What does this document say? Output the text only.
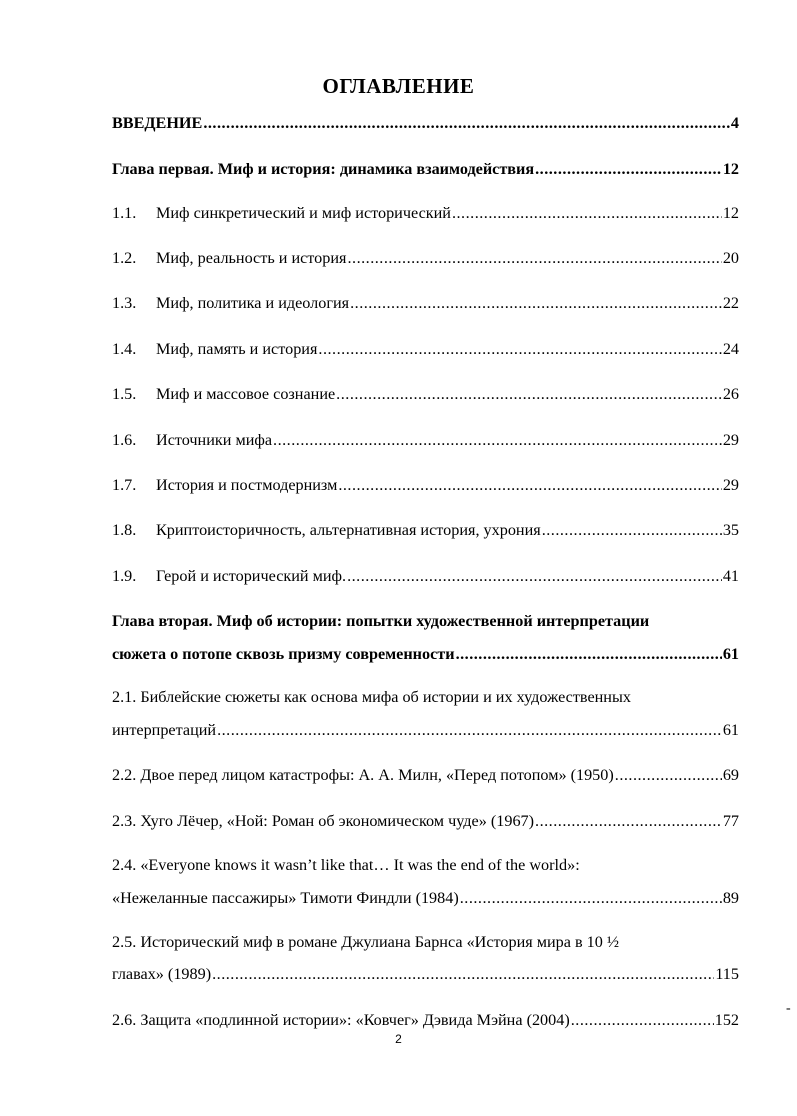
ОГЛАВЛЕНИЕ
ВВЕДЕНИЕ .....	4
Глава первая. Миф и история: динамика взаимодействия .....	12
1.1. Миф синкретический и миф исторический .....	12
1.2. Миф, реальность и история .....	20
1.3. Миф, политика и идеология .....	22
1.4. Миф, память и история .....	24
1.5. Миф и массовое сознание .....	26
1.6. Источники мифа .....	29
1.7. История и постмодернизм .....	29
1.8. Криптоисторичность, альтернативная история, ухрония .....	35
1.9. Герой и исторический миф. .....	41
Глава вторая. Миф об истории: попытки художественной интерпретации
сюжета о потопе сквозь призму современности .....	61
2.1. Библейские сюжеты как основа мифа об истории и их художественных
интерпретаций .....	61
2.2. Двое перед лицом катастрофы: А. А. Милн, «Перед потопом» (1950) .....	69
2.3. Хуго Лёчер, «Ной: Роман об экономическом чуде» (1967) .....	77
2.4. «Everyone knows it wasn’t like that… It was the end of the world»:
«Нежеланные пассажиры» Тимоти Финдли (1984) .....	89
2.5. Исторический миф в романе Джулиана Барнса «История мира в 10 ½
главах» (1989) .....	115
2.6. Защита «подлинной истории»: «Ковчег» Дэвида Мэйна (2004) .....	152
-
2
